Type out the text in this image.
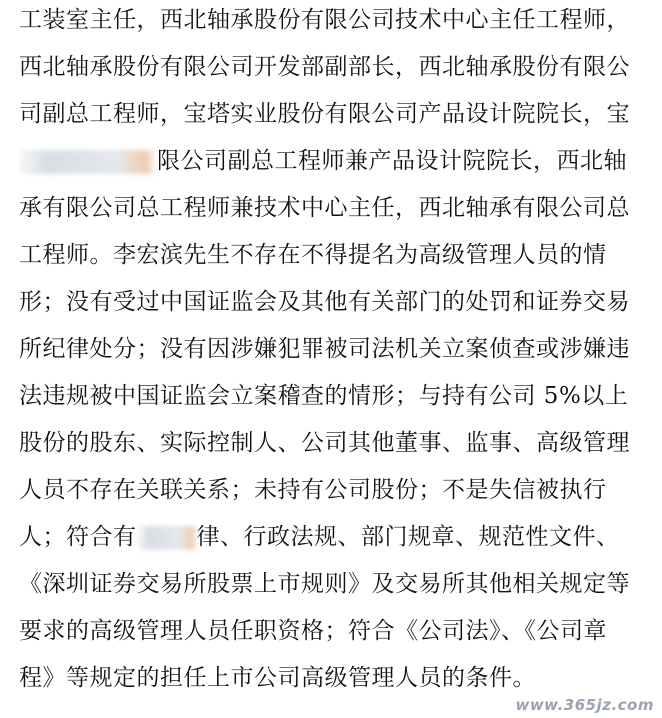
工装室主任，西北轴承股份有限公司技术中心主任工程师，
西北轴承股份有限公司开发部副部长，西北轴承股份有限公
司副总工程师，宝塔实业股份有限公司产品设计院院长，宝
限公司副总工程师兼产品设计院院长，西北轴
承有限公司总工程师兼技术中心主任，西北轴承有限公司总
工程师。李宏滨先生不存在不得提名为高级管理人员的情
形；没有受过中国证监会及其他有关部门的处罚和证券交易
所纪律处分；没有因涉嫌犯罪被司法机关立案侦查或涉嫌违
法违规被中国证监会立案稽查的情形；与持有公司 5%以上
股份的股东、实际控制人、公司其他董事、监事、高级管理
人员不存在关联关系；未持有公司股份；不是失信被执行
人；符合有	律、行政法规、部门规章、规范性文件、
《深圳证券交易所股票上市规则》及交易所其他相关规定等
要求的高级管理人员任职资格；符合《公司法》、《公司章
程》等规定的担任上市公司高级管理人员的条件。
www.365jz.com
